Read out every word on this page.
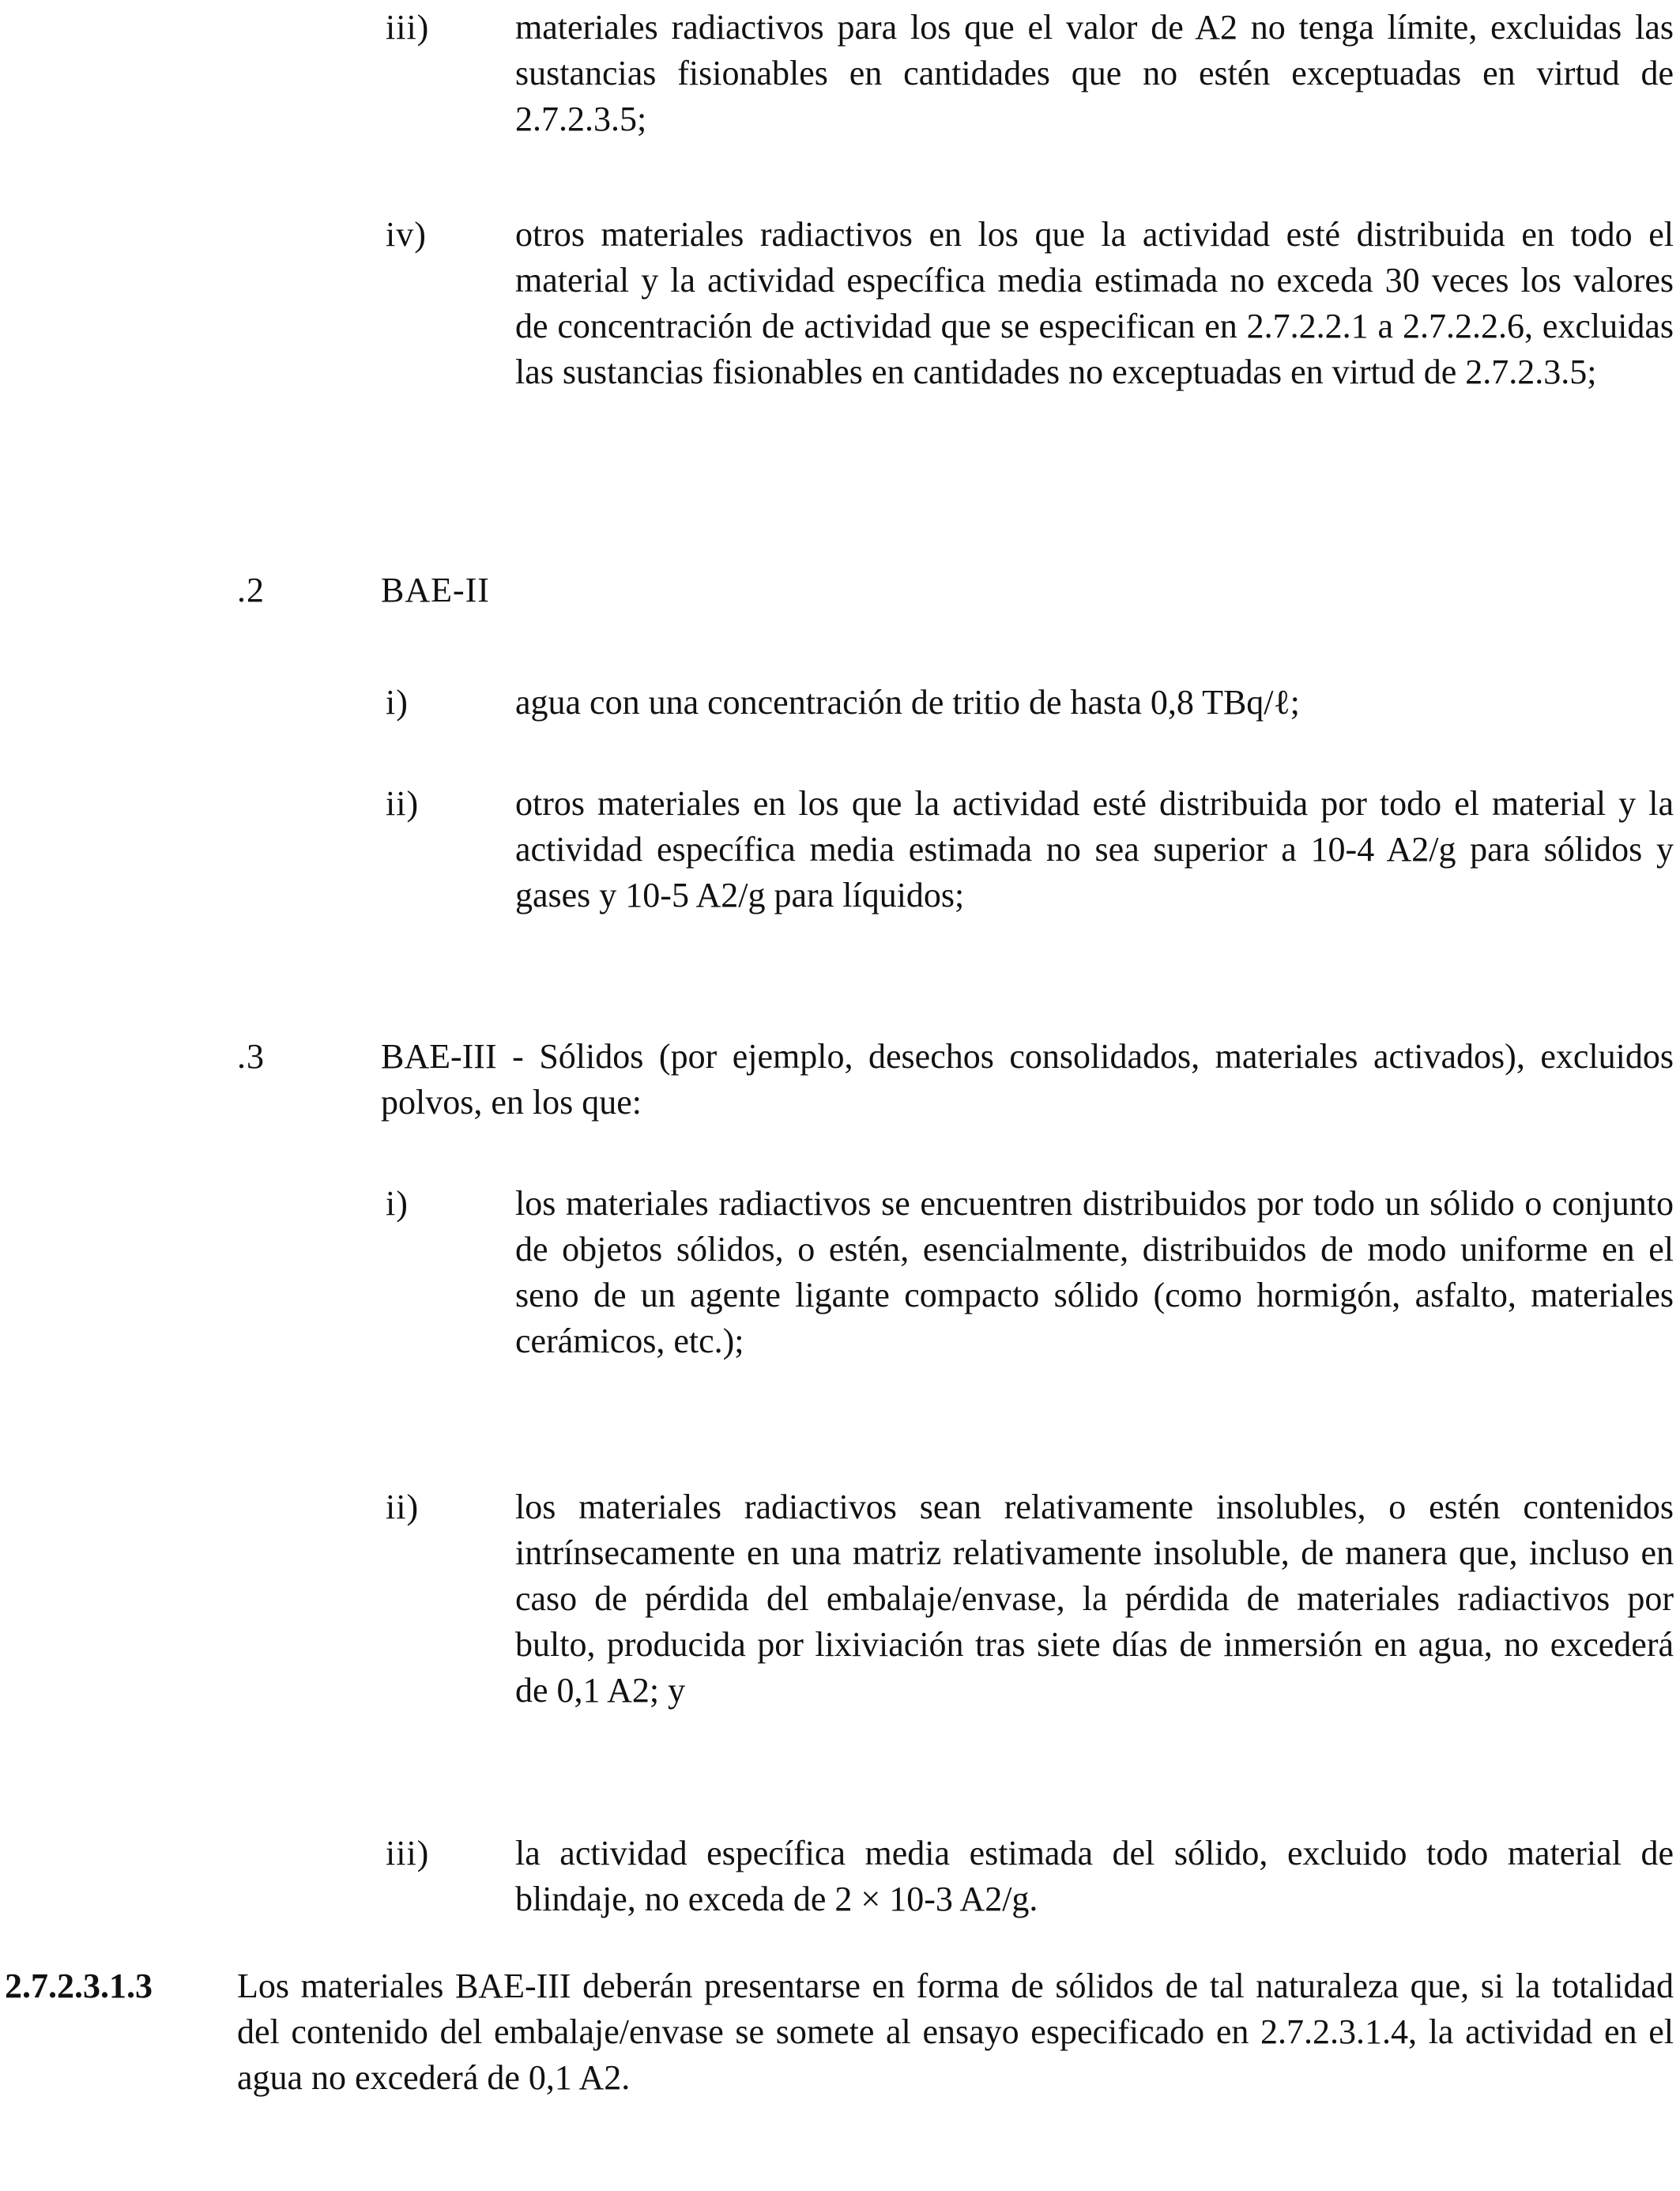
iii) materiales radiactivos para los que el valor de A2 no tenga límite, excluidas las sustancias fisionables en cantidades que no estén exceptuadas en virtud de 2.7.2.3.5;
iv)	otros materiales radiactivos en los que la actividad esté distribuida en todo el material y la actividad específica media estimada no exceda 30 veces los valores de concentración de actividad que se especifican en 2.7.2.2.1 a 2.7.2.2.6, excluidas las sustancias fisionables en cantidades no exceptuadas en virtud de 2.7.2.3.5;
.2	BAE-II
i)	agua con una concentración de tritio de hasta 0,8 TBq/ℓ;
ii)	otros materiales en los que la actividad esté distribuida por todo el material y la actividad específica media estimada no sea superior a 10-4 A2/g para sólidos y gases y 10-5 A2/g para líquidos;
.3	BAE-III - Sólidos (por ejemplo, desechos consolidados, materiales activados), excluidos polvos, en los que:
i)	los materiales radiactivos se encuentren distribuidos por todo un sólido o conjunto de objetos sólidos, o estén, esencialmente, distribuidos de modo uniforme en el seno de un agente ligante compacto sólido (como hormigón, asfalto, materiales cerámicos, etc.);
ii)	los materiales radiactivos sean relativamente insolubles, o estén contenidos intrínsecamente en una matriz relativamente insoluble, de manera que, incluso en caso de pérdida del embalaje/envase, la pérdida de materiales radiactivos por bulto, producida por lixiviación tras siete días de inmersión en agua, no excederá de 0,1 A2; y
iii) la actividad específica media estimada del sólido, excluido todo material de blindaje, no exceda de 2 × 10-3 A2/g.
2.7.2.3.1.3 Los materiales BAE-III deberán presentarse en forma de sólidos de tal naturaleza que, si la totalidad del contenido del embalaje/envase se somete al ensayo especificado en 2.7.2.3.1.4, la actividad en el agua no excederá de 0,1 A2.
